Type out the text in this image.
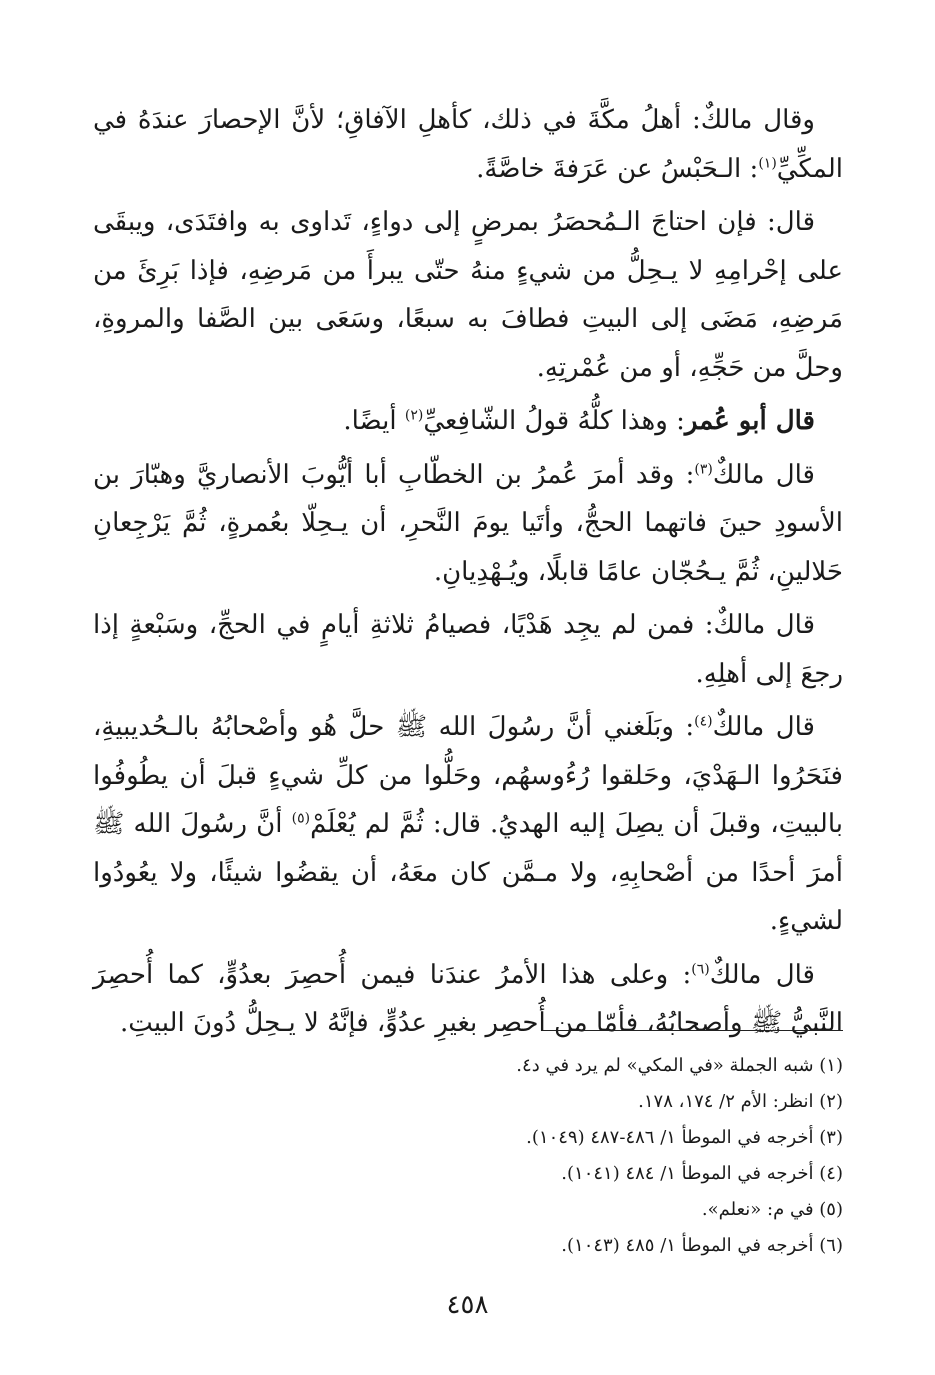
وقال مالكٌ: أهلُ مكَّةَ في ذلك، كأهلِ الآفاقِ؛ لأنَّ الإحصارَ عندَهُ في المكِّيِّ$^{(١)}$: الـحَبْسُ عن عَرَفةَ خاصَّةً.

قال: فإن احتاجَ الـمُحصَرُ بمرضٍ إلى دواءٍ، تَداوى به وافتَدَى، ويبقَى على إحْرامِهِ لا يـحِلُّ من شيءٍ منهُ حتّى يبرأَ من مَرضِهِ، فإذا بَرِئَ من مَرضِهِ، مَضَى إلى البيتِ فطافَ به سبعًا، وسَعَى بين الصَّفا والمروةِ، وحلَّ من حَجِّهِ، أو من عُمْرتِهِ.

قال أبو عُمر: وهذا كلُّهُ قولُ الشّافِعيِّ$^{(٢)}$ أيضًا.

قال مالكٌ$^{(٣)}$: وقد أمرَ عُمرُ بن الخطّابِ أبا أيُّوبَ الأنصاريَّ وهبّارَ بن الأسودِ حينَ فاتهما الحجُّ، وأتَيا يومَ النَّحرِ، أن يـحِلّا بعُمرةٍ، ثُمَّ يَرْجِعانِ حَلالينِ، ثُمَّ يـحُجّان عامًا قابلًا، ويُـهْدِيانِ.

قال مالكٌ: فمن لم يجِد هَدْيًا، فصيامُ ثلاثةِ أيامٍ في الحجِّ، وسَبْعةٍ إذا رجعَ إلى أهلِهِ.

قال مالكٌ$^{(٤)}$: وبَلَغني أنَّ رسُولَ الله ﷺ حلَّ هُو وأصْحابُهُ بالـحُديبيةِ، فنَحَرُوا الـهَدْيَ، وحَلقوا رُءُوسهُم، وحَلُّوا من كلِّ شيءٍ قبلَ أن يطُوفُوا بالبيتِ، وقبلَ أن يصِلَ إليه الهديُ. قال: ثُمَّ لم يُعْلَمْ$^{(٥)}$ أنَّ رسُولَ الله ﷺ أمرَ أحدًا من أصْحابِهِ، ولا مـمَّن كان معَهُ، أن يقضُوا شيئًا، ولا يعُودُوا لشيءٍ.

قال مالكٌ$^{(٦)}$: وعلى هذا الأمرُ عندَنا فيمن أُحصِرَ بعدُوٍّ، كما أُحصِرَ النَّبيُّ ﷺ وأصحابُهُ، فأمّا من أُحصِر بغيرِ عدُوٍّ، فإنَّهُ لا يـحِلُّ دُونَ البيتِ.

(١) شبه الجملة «في المكي» لم يرد في د٤.
(٢) انظر: الأم ٢/ ١٧٤، ١٧٨.
(٣) أخرجه في الموطأ ١/ ٤٨٦-٤٨٧ (١٠٤٩).
(٤) أخرجه في الموطأ ١/ ٤٨٤ (١٠٤١).
(٥) في م: «نعلم».
(٦) أخرجه في الموطأ ١/ ٤٨٥ (١٠٤٣).
٤٥٨
